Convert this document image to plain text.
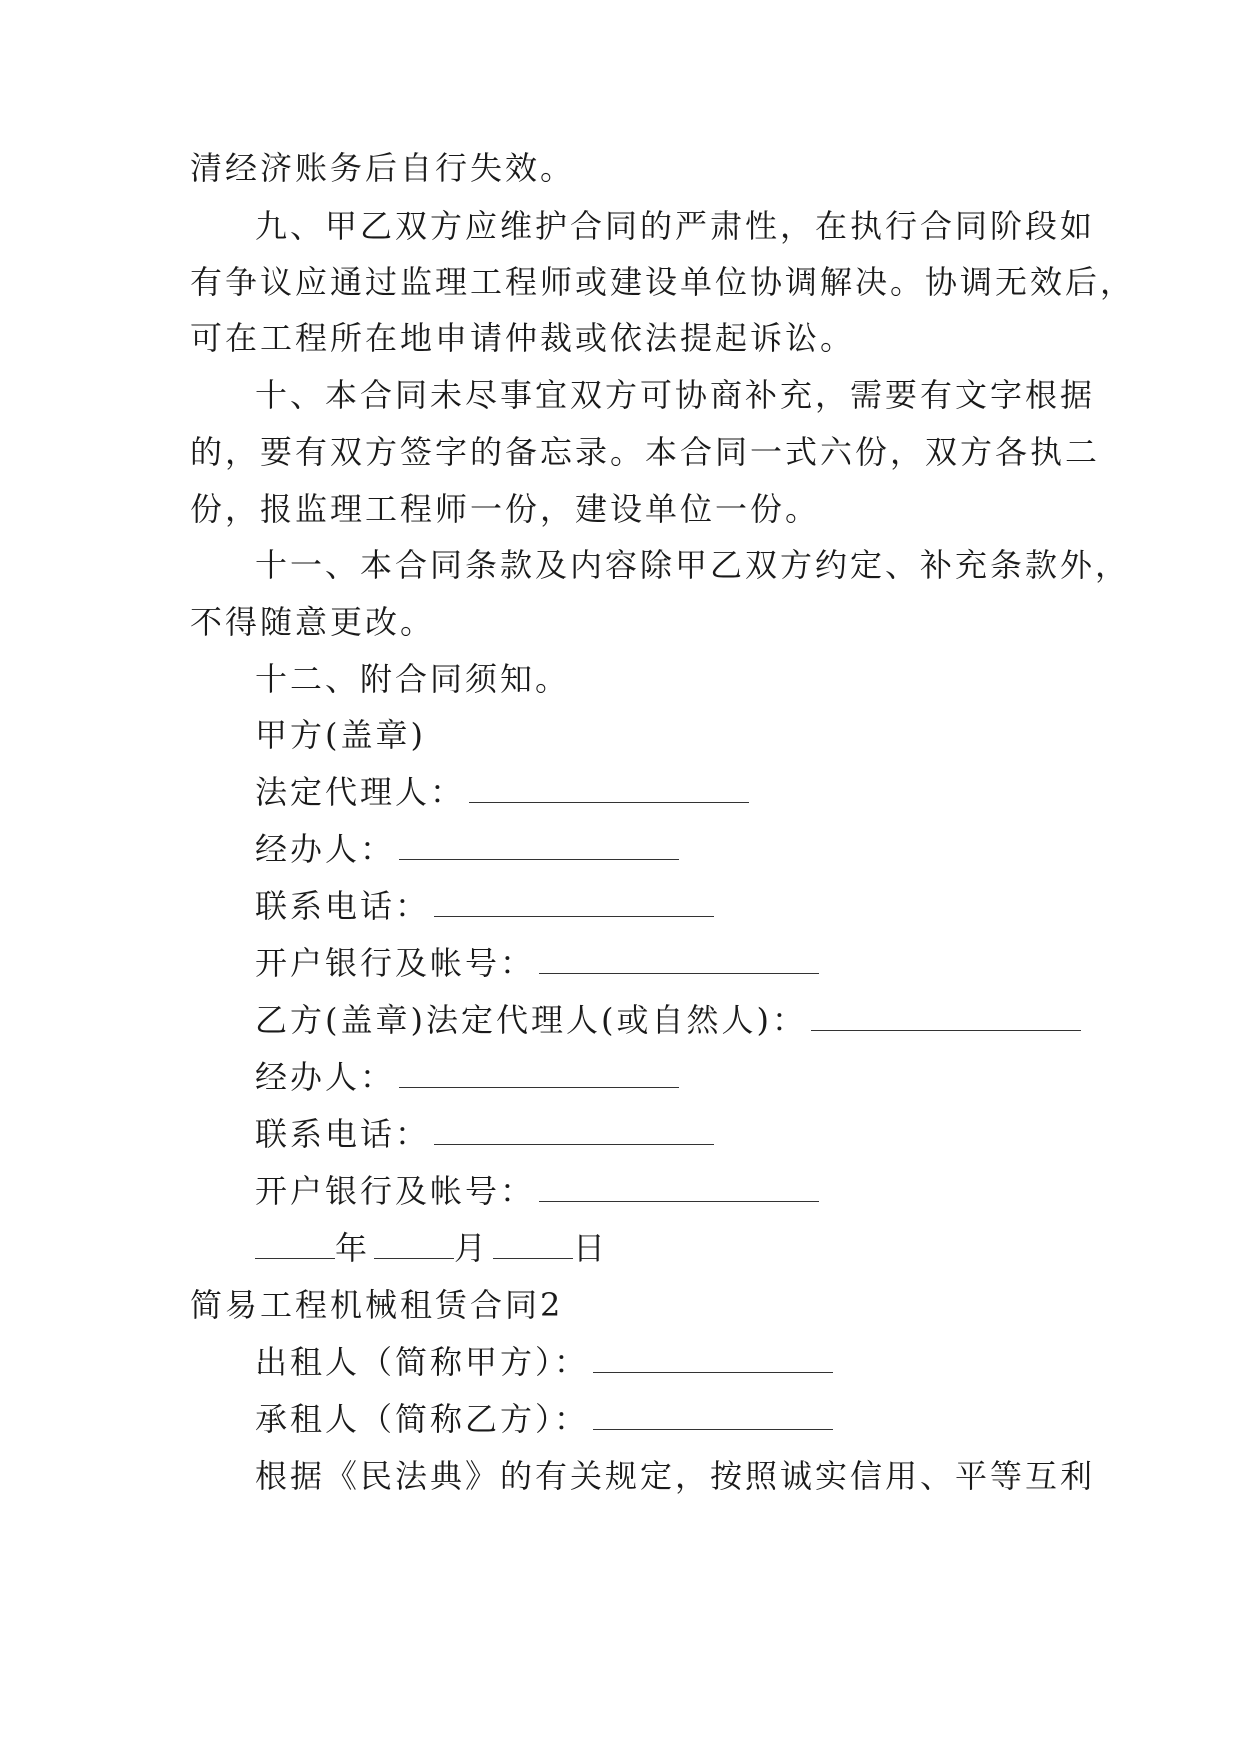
清经济账务后自行失效。
九、甲乙双方应维护合同的严肃性，在执行合同阶段如
有争议应通过监理工程师或建设单位协调解决。协调无效后，
可在工程所在地申请仲裁或依法提起诉讼。
十、本合同未尽事宜双方可协商补充，需要有文字根据
的，要有双方签字的备忘录。本合同一式六份，双方各执二
份，报监理工程师一份，建设单位一份。
十一、本合同条款及内容除甲乙双方约定、补充条款外，
不得随意更改。
十二、附合同须知。
甲方(盖章)
法定代理人：
经办人：
联系电话：
开户银行及帐号：
乙方(盖章)法定代理人(或自然人)：
经办人：
联系电话：
开户银行及帐号：
年	月	日
简易工程机械租赁合同2
出租人（简称甲方）：
承租人（简称乙方）：
根据《民法典》的有关规定，按照诚实信用、平等互利
